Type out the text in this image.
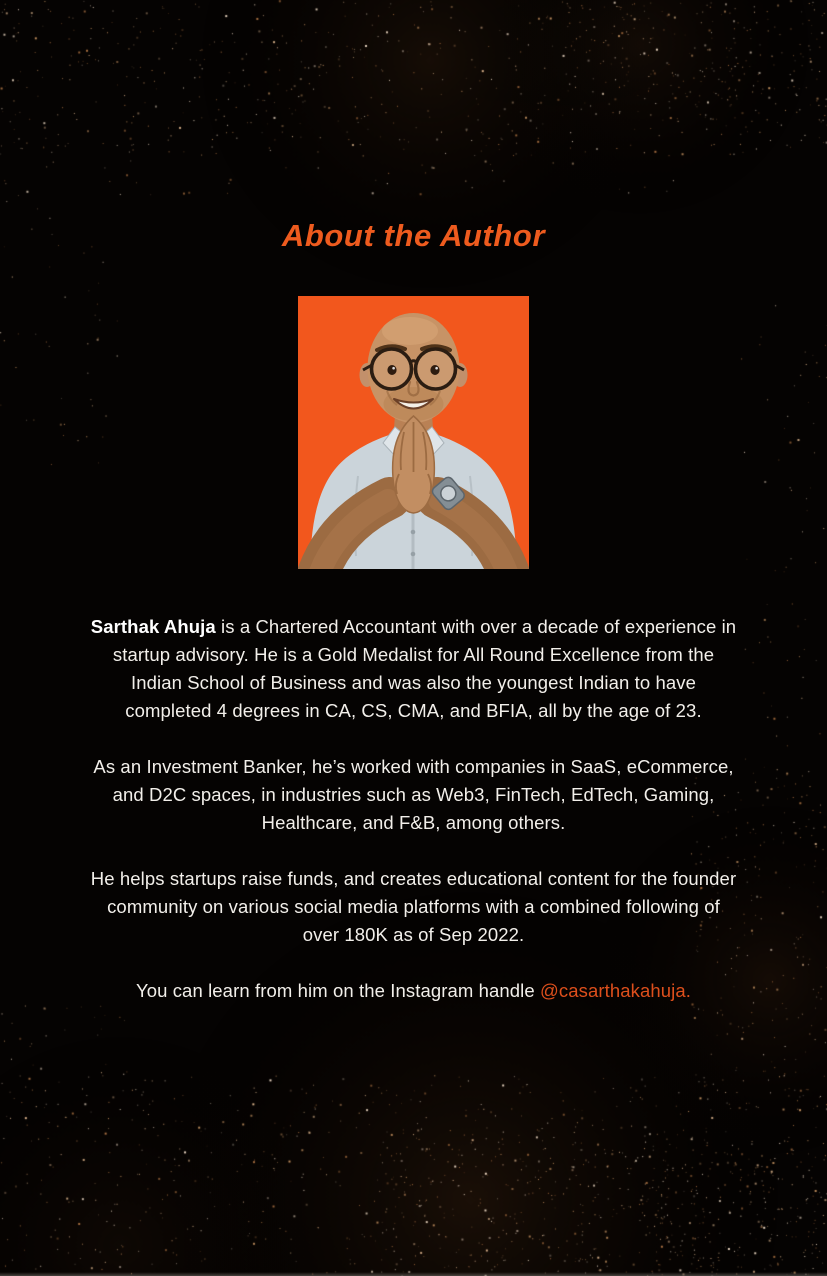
About the Author

Sarthak Ahuja is a Chartered Accountant with over a decade of experience in startup advisory. He is a Gold Medalist for All Round Excellence from the Indian School of Business and was also the youngest Indian to have completed 4 degrees in CA, CS, CMA, and BFIA, all by the age of 23.

As an Investment Banker, he’s worked with companies in SaaS, eCommerce, and D2C spaces, in industries such as Web3, FinTech, EdTech, Gaming, Healthcare, and F&B, among others.

He helps startups raise funds, and creates educational content for the founder community on various social media platforms with a combined following of over 180K as of Sep 2022.

You can learn from him on the Instagram handle @casarthakahuja.
